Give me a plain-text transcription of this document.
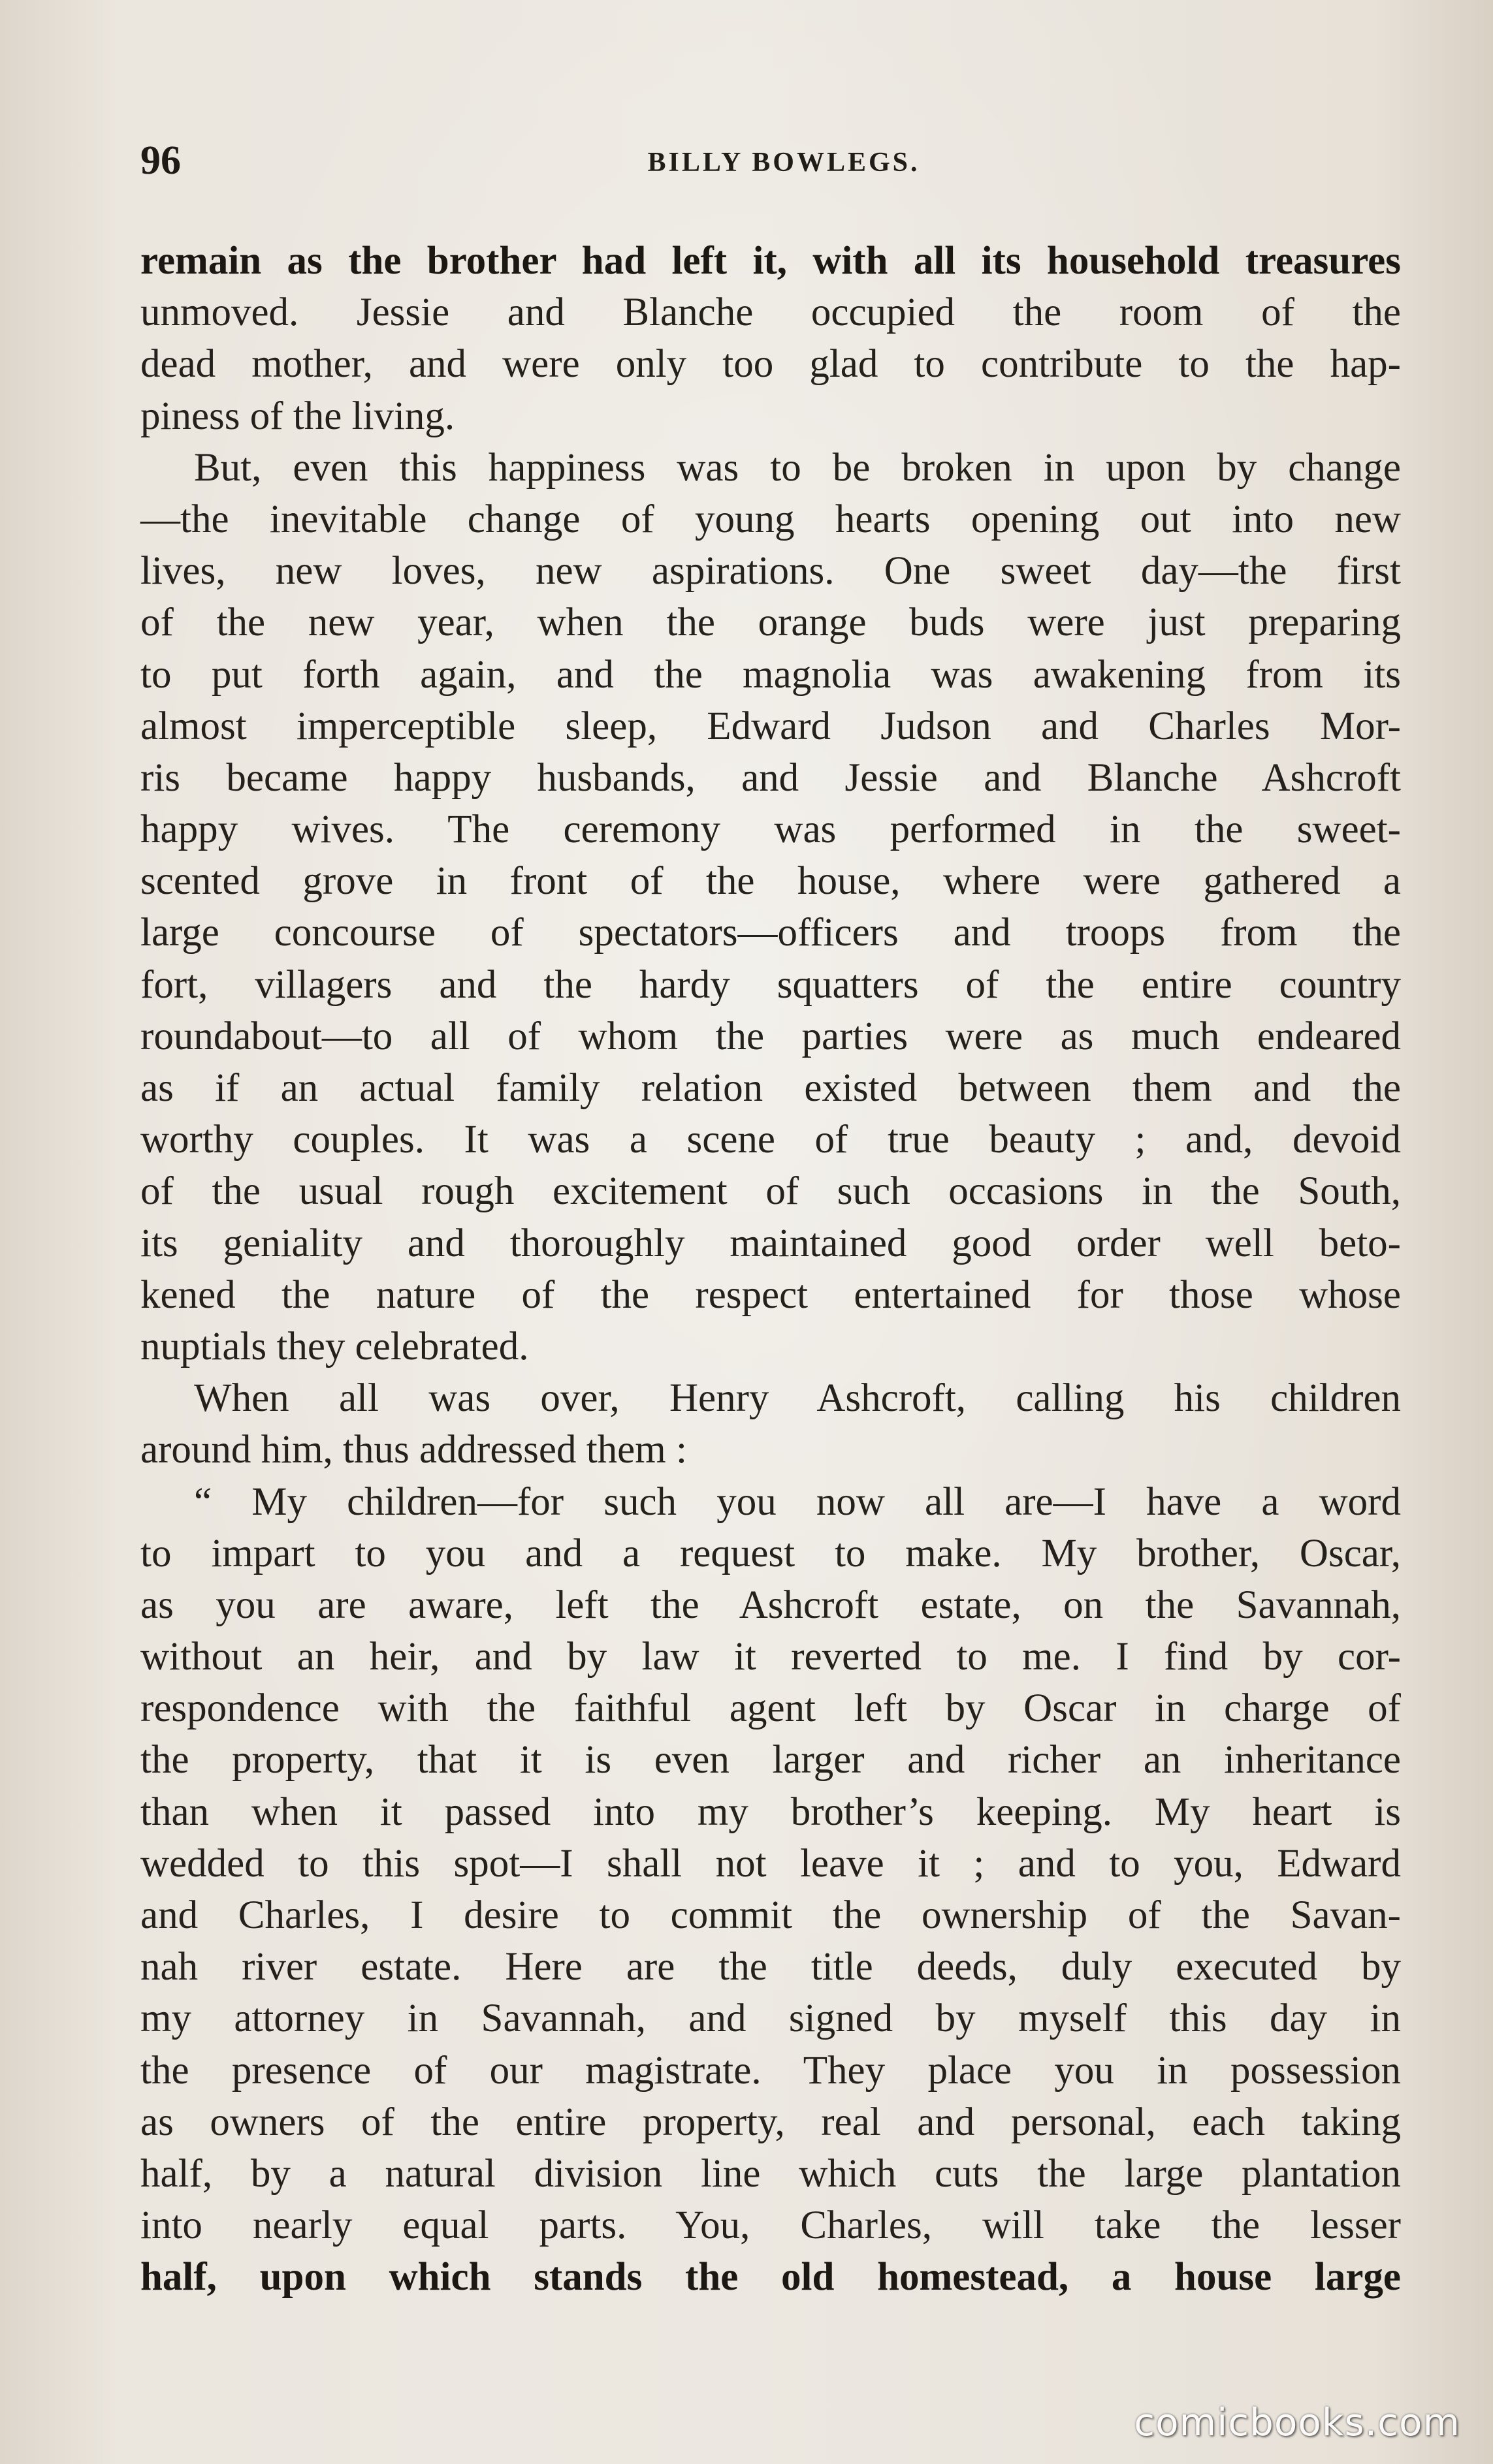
96	BILLY BOWLEGS.
remain as the brother had left it, with all its household treasures
unmoved. Jessie and Blanche occupied the room of the
dead mother, and were only too glad to contribute to the hap-
piness of the living.
But, even this happiness was to be broken in upon by change
—the inevitable change of young hearts opening out into new
lives, new loves, new aspirations. One sweet day—the first
of the new year, when the orange buds were just preparing
to put forth again, and the magnolia was awakening from its
almost imperceptible sleep, Edward Judson and Charles Mor-
ris became happy husbands, and Jessie and Blanche Ashcroft
happy wives. The ceremony was performed in the sweet-
scented grove in front of the house, where were gathered a
large concourse of spectators—officers and troops from the
fort, villagers and the hardy squatters of the entire country
roundabout—to all of whom the parties were as much endeared
as if an actual family relation existed between them and the
worthy couples. It was a scene of true beauty ; and, devoid
of the usual rough excitement of such occasions in the South,
its geniality and thoroughly maintained good order well beto-
kened the nature of the respect entertained for those whose
nuptials they celebrated.
When all was over, Henry Ashcroft, calling his children
around him, thus addressed them :
“ My children—for such you now all are—I have a word
to impart to you and a request to make. My brother, Oscar,
as you are aware, left the Ashcroft estate, on the Savannah,
without an heir, and by law it reverted to me. I find by cor-
respondence with the faithful agent left by Oscar in charge of
the property, that it is even larger and richer an inheritance
than when it passed into my brother’s keeping. My heart is
wedded to this spot—I shall not leave it ; and to you, Edward
and Charles, I desire to commit the ownership of the Savan-
nah river estate. Here are the title deeds, duly executed by
my attorney in Savannah, and signed by myself this day in
the presence of our magistrate. They place you in possession
as owners of the entire property, real and personal, each taking
half, by a natural division line which cuts the large plantation
into nearly equal parts. You, Charles, will take the lesser
half, upon which stands the old homestead, a house large
comicbooks.com
